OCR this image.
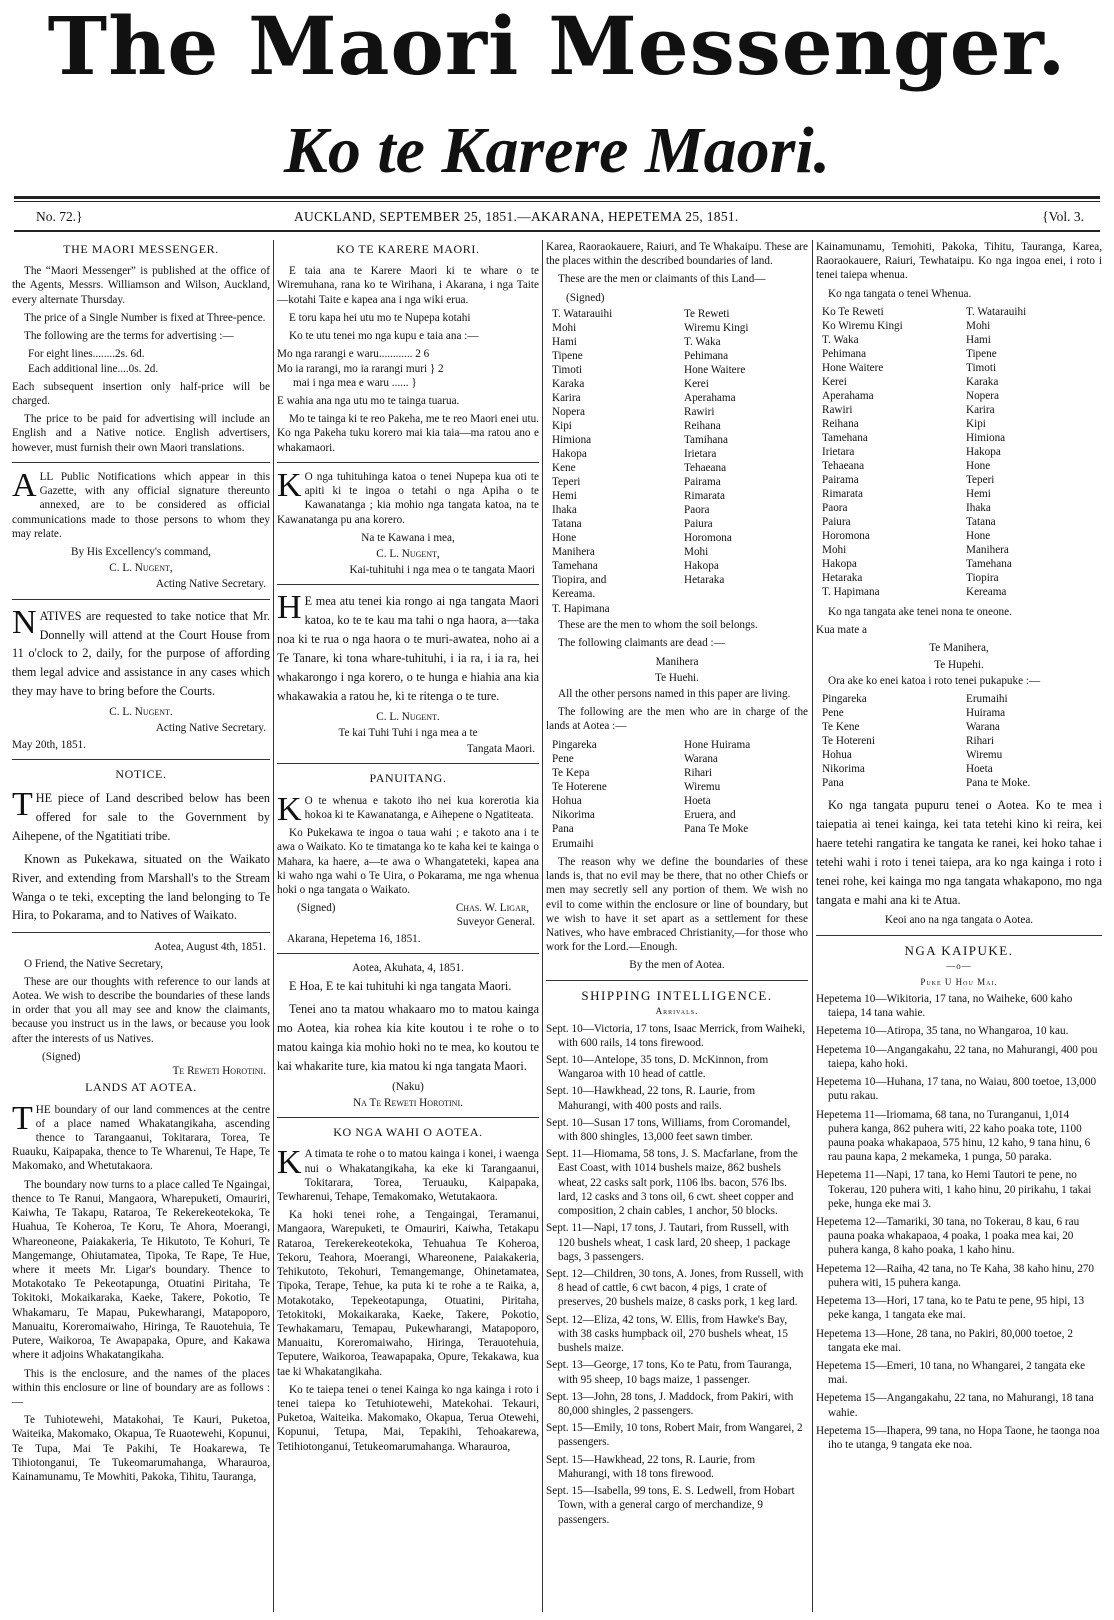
The Maori Messenger.
Ko te Karere Maori.
No. 72.}	AUCKLAND, SEPTEMBER 25, 1851.—AKARANA, HEPETEMA 25, 1851.	{Vol. 3.
THE MAORI MESSENGER.

The “Maori Messenger” is published at the office of the Agents, Messrs. Williamson and Wilson, Auckland, every alternate Thursday.

The price of a Single Number is fixed at Three-pence.

The following are the terms for advertising :—

For eight lines........2s. 6d.
Each additional line....0s. 2d.

Each subsequent insertion only half-price will be charged.

The price to be paid for advertising will include an English and a Native notice. English advertisers, however, must furnish their own Maori translations.

ALL Public Notifications which appear in this Gazette, with any official signature thereunto annexed, are to be considered as official communications made to those persons to whom they may relate.

By His Excellency's command,
C. L. Nugent,
Acting Native Secretary.

NATIVES are requested to take notice that Mr. Donnelly will attend at the Court House from 11 o'clock to 2, daily, for the purpose of affording them legal advice and assistance in any cases which they may have to bring before the Courts.

C. L. Nugent.
Acting Native Secretary.
May 20th, 1851.
NOTICE.

THE piece of Land described below has been offered for sale to the Government by Aihepene, of the Ngatitiati tribe.

Known as Pukekawa, situated on the Waikato River, and extending from Marshall's to the Stream Wanga o te teki, excepting the land belonging to Te Hira, to Pokarama, and to Natives of Waikato.

Aotea, August 4th, 1851.

O Friend, the Native Secretary,

These are our thoughts with reference to our lands at Aotea. We wish to describe the boundaries of these lands in order that you all may see and know the claimants, because you instruct us in the laws, or because you look after the interests of us Natives.

(Signed)
Te Reweti Horotini.
LANDS AT AOTEA.

THE boundary of our land commences at the centre of a place named Whakatangikaha, ascending thence to Tarangaanui, Tokitarara, Torea, Te Ruauku, Kaipapaka, thence to Te Wharenui, Te Hape, Te Makomako, and Whetutakaora.

The boundary now turns to a place called Te Ngaingai, thence to Te Ranui, Mangaora, Wharepuketi, Omauriri, Kaiwha, Te Takapu, Rataroa, Te Rekerekeotekoka, Te Huahua, Te Koheroa, Te Koru, Te Ahora, Moerangi, Whareoneone, Paiakakeria, Te Hikutoto, Te Kohuri, Te Mangemange, Ohiutamatea, Tipoka, Te Rape, Te Hue, where it meets Mr. Ligar's boundary. Thence to Motakotako Te Pekeotapunga, Otuatini Piritaha, Te Tokitoki, Mokaikaraka, Kaeke, Takere, Pokotio, Te Whakamaru, Te Mapau, Pukewharangi, Matapoporo, Manuaitu, Koreromaiwaho, Hiringa, Te Rauotehuia, Te Putere, Waikoroa, Te Awapapaka, Opure, and Kakawa where it adjoins Whakatangikaha.

This is the enclosure, and the names of the places within this enclosure or line of boundary are as follows :—

Te Tuhiotewehi, Matakohai, Te Kauri, Puketoa, Waiteika, Makomako, Okapua, Te Ruaotewehi, Kopunui, Te Tupa, Mai Te Pakihi, Te Hoakarewa, Te Tihiotonganui, Te Tukeomarumahanga, Wharaurоa, Kainamunamu, Te Mowhiti, Pakoka, Tihitu, Tauranga,

KO TE KARERE MAORI.

E taia ana te Karere Maori ki te whare o te Wiremuhana, rana ko te Wirihana, i Akarana, i nga Taite—kotahi Taite e kapea ana i nga wiki erua.

E toru kapa hei utu mo te Nupepa kotahi

Ko te utu tenei mo nga kupu e taia ana :—

Mo nga rarangi e waru............ 2 6
Mo ia rarangi, mo ia rarangi muri } 2
mai i nga mea e waru ...... }

E wahia ana nga utu mo te tainga tuarua.

Mo te tainga ki te reo Pakeha, me te reo Maori enei utu. Ko nga Pakeha tuku korero mai kia taia—ma ratou ano e whakamaori.

K O nga tuhituhinga katoa o tenei Nupepa kua oti te apiti ki te ingoa o tetahi o nga Apiha o te Kawanatanga ; kia mohio nga tangata katoa, na te Kawanatanga pu ana korero.

Na te Kawana i mea,
C. L. Nugent,
Kai-tuhituhi i nga mea o te tangata Maori

H E mea atu tenei kia rongo ai nga tangata Maori katoa, ko te te kau ma tahi o nga haora, a—taka noa ki te rua o nga haora o te muri-awatea, noho ai a Te Tanare, ki tona whare-tuhituhi, i ia ra, i ia ra, hei whakarongo i nga korero, o te hunga e hiahia ana kia whakawakia a ratou he, ki te ritenga o te ture.

C. L. Nugent.
Te kai Tuhi Tuhi i nga mea a te
Tangata Maori.
PANUITANG.

K O te whenua e takoto iho nei kua korerotia kia hokoa ki te Kawanatanga, e Aihepene o Ngatiteata.

Ko Pukekawa te ingoa o taua wahi ; e takoto ana i te awa o Waikato. Ko te timatanga ko te kaha kei te kainga o Mahara, ka haere, a—te awa o Whangateteki, kapea ana ki waho nga wahi o Te Uira, o Pokarama, me nga whenua hoki o nga tangata o Waikato.

(Signed)	Chas. W. Ligar,
Suveyor General.
Akarana, Hepetema 16, 1851.
Aotea, Akuhata, 4, 1851.

E Hoa, E te kai tuhituhi ki nga tangata Maori.

Tenei ano ta matou whakaaro mo to matou kainga mo Aotea, kia rohea kia kite koutou i te rohe o to matou kainga kia mohio hoki no te mea, ko koutou te kai whakarite ture, kia matou ki nga tangata Maori.

(Naku)
Na Te Reweti Horotini.
KO NGA WAHI O AOTEA.

K A timata te rohe o to matou kainga i konei, i waenga nui o Whakatangikaha, ka eke ki Tarangaanui, Tokitarara, Torea, Teruauku, Kaipapaka, Tewharenui, Tehape, Temakomako, Wetutakaora.

Ka hoki tenei rohe, a Tengaingai, Teramanui, Mangaora, Warepuketi, te Omauriri, Kaiwha, Tetakapu Rataroa, Terekerekeotekoka, Tehuahua Te Koheroa, Tekoru, Teahora, Moerangi, Whareonene, Paiakakeria, Tehikutoto, Tekohuri, Temangemange, Ohinetamatea, Tipoka, Terape, Tehue, ka puta ki te rohe a te Raika, a, Motakotako, Tepekeotapunga, Otuatini, Piritaha, Tetokitoki, Mokaikaraka, Kaeke, Takere, Pokotio, Tewhakamaru, Temapau, Pukewharangi, Matapoporo, Manuaitu, Koreromaiwaho, Hiringa, Terauotehuia, Teputere, Waikoroa, Teawapapaka, Opure, Tekakawa, kua tae ki Whakatangikaha.

Ko te taiepa tenei o tenei Kainga ko nga kainga i roto i tenei taiepa ko Tetuhiotewehi, Matekohai. Tekauri, Puketoa, Waiteika. Makomako, Okapua, Terua Otewehi, Kopunui, Tetupa, Mai, Tepakihi, Tehoakarewa, Tetihiotonganui, Tetukeomarumahanga. Wharaurоa,

Karea, Raoraokauere, Raiuri, and Te Whakaipu. These are the places within the described boundaries of land.

These are the men or claimants of this Land—

(Signed)
T. Watarauihi	Te Reweti
Mohi	Wiremu Kingi
Hami	T. Waka
Tipene	Pehimana
Timoti	Hone Waitere
Karaka	Kerei
Karira	Aperahama
Nopera	Rawiri
Kipi	Reihana
Himiona	Tamihana
Hakopa	Irietara
Kene	Tehaeana
Teperi	Pairama
Hemi	Rimarata
Ihaka	Paora
Tatana	Paiura
Hone	Horomona
Manihera	Mohi
Tamehana	Hakopa
Tiopira, and	Hetaraka
Kereama.
T. Hapimana

These are the men to whom the soil belongs.

The following claimants are dead :—

Manihera
Te Huehi.

All the other persons named in this paper are living.

The following are the men who are in charge of the lands at Aotea :—

Pingareka	Hone Huirama
Pene	Warana
Te Kepa	Rihari
Te Hoterene	Wiremu
Hohua	Hoeta
Nikorima	Eruera, and
Pana	Pana Te Moke
Erumaihi

The reason why we define the boundaries of these lands is, that no evil may be there, that no other Chiefs or men may secretly sell any portion of them. We wish no evil to come within the enclosure or line of boundary, but we wish to have it set apart as a settlement for these Natives, who have embraced Christianity,—for those who work for the Lord.—Enough.

By the men of Aotea.
SHIPPING INTELLIGENCE.
Arrivals.
Sept. 10—Victoria, 17 tons, Isaac Merrick, from Waiheki, with 600 rails, 14 tons firewood.
Sept. 10—Antelope, 35 tons, D. McKinnon, from Wangaroa with 10 head of cattle.
Sept. 10—Hawkhead, 22 tons, R. Laurie, from Mahurangi, with 400 posts and rails.
Sept. 10—Susan 17 tons, Williams, from Coromandel, with 800 shingles, 13,000 feet sawn timber.
Sept. 11—Hiomama, 58 tons, J. S. Macfarlane, from the East Coast, with 1014 bushels maize, 862 bushels wheat, 22 casks salt pork, 1106 lbs. bacon, 576 lbs. lard, 12 casks and 3 tons oil, 6 cwt. sheet copper and composition, 2 chain cables, 1 anchor, 50 blocks.
Sept. 11—Napi, 17 tons, J. Tautari, from Russell, with 120 bushels wheat, 1 cask lard, 20 sheep, 1 package bags, 3 passengers.
Sept. 12—Children, 30 tons, A. Jones, from Russell, with 8 head of cattle, 6 cwt bacon, 4 pigs, 1 crate of preserves, 20 bushels maize, 8 casks pork, 1 keg lard.
Sept. 12—Eliza, 42 tons, W. Ellis, from Hawke's Bay, with 38 casks humpback oil, 270 bushels wheat, 15 bushels maize.
Sept. 13—George, 17 tons, Ko te Patu, from Tauranga, with 95 sheep, 10 bags maize, 1 passenger.
Sept. 13—John, 28 tons, J. Maddock, from Pakiri, with 80,000 shingles, 2 passengers.
Sept. 15—Emily, 10 tons, Robert Mair, from Wangarei, 2 passengers.
Sept. 15—Hawkhead, 22 tons, R. Laurie, from Mahurangi, with 18 tons firewood.
Sept. 15—Isabella, 99 tons, E. S. Ledwell, from Hobart Town, with a general cargo of merchandize, 9 passengers.

Kainamunamu, Temohiti, Pakoka, Tihitu, Tauranga, Karea, Raoraokauere, Raiuri, Tewhataipu. Ko nga ingoa enei, i roto i tenei taiepa whenua.

Ko nga tangata o tenei Whenua.

Ko Te Reweti	T. Watarauihi
Ko Wiremu Kingi	Mohi
T. Waka	Hami
Pehimana	Tipene
Hone Waitere	Timoti
Kerei	Karaka
Aperahama	Nopera
Rawiri	Karira
Reihana	Kipi
Tamehana	Himiona
Irietara	Hakopa
Tehaeana	Hone
Pairama	Teperi
Rimarata	Hemi
Paora	Ihaka
Paiura	Tatana
Horomona	Hone
Mohi	Manihera
Hakopa	Tamehana
Hetaraka	Tiopira
T. Hapimana	Kereama

Ko nga tangata ake tenei nona te oneone.

Kua mate a

Te Manihera,
Te Hupehi.

Ora ake ko enei katoa i roto tenei pukapuke :—

Pingareka	Erumaihi
Pene	Huirama
Te Kene	Warana
Te Hotereni	Rihari
Hohua	Wiremu
Nikorima	Hoeta
Pana	Pana te Moke.

Ko nga tangata pupuru tenei o Aotea. Ko te mea i taiepatia ai tenei kainga, kei tata tetehi kino ki reira, kei haere tetehi rangatira ke tangata ke ranei, kei hoko tahae i tetehi wahi i roto i tenei taiepa, ara ko nga kainga i roto i tenei rohe, kei kainga mo nga tangata whakapono, mo nga tangata e mahi ana ki te Atua.

Keoi ano na nga tangata o Aotea.
NGA KAIPUKE.
—o—
Puke U Hou Mai.
Hepetema 10—Wikitoria, 17 tana, no Waiheke, 600 kaho taiepa, 14 tana wahie.
Hepetema 10—Atiropa, 35 tana, no Whangaroa, 10 kau.
Hepetema 10—Angangakahu, 22 tana, no Mahurangi, 400 pou taiepa, kaho hoki.
Hepetema 10—Huhana, 17 tana, no Waiau, 800 toetoe, 13,000 putu rakau.
Hepetema 11—Iriomama, 68 tana, no Turanganui, 1,014 puhera kanga, 862 puhera witi, 22 kaho poaka tote, 1100 pauna poaka whakapaoa, 575 hinu, 12 kaho, 9 tana hinu, 6 rau pauna kapa, 2 mekameka, 1 punga, 50 paraka.
Hepetema 11—Napi, 17 tana, ko Hemi Tautori te pene, no Tokerau, 120 puhera witi, 1 kaho hinu, 20 pirikahu, 1 takai peke, hunga eke mai 3.
Hepetema 12—Tamariki, 30 tana, no Tokerau, 8 kau, 6 rau pauna poaka whakapaoa, 4 poaka, 1 poaka mea kai, 20 puhera kanga, 8 kaho poaka, 1 kaho hinu.
Hepetema 12—Raiha, 42 tana, no Te Kaha, 38 kaho hinu, 270 puhera witi, 15 puhera kanga.
Hepetema 13—Hori, 17 tana, ko te Patu te pene, 95 hipi, 13 peke kanga, 1 tangata eke mai.
Hepetema 13—Hone, 28 tana, no Pakiri, 80,000 toetoe, 2 tangata eke mai.
Hepetema 15—Emeri, 10 tana, no Whangarei, 2 tangata eke mai.
Hepetema 15—Angangakahu, 22 tana, no Mahurangi, 18 tana wahie.
Hepetema 15—Ihapera, 99 tana, no Hopa Taone, he taonga noa iho te utanga, 9 tangata eke noa.
